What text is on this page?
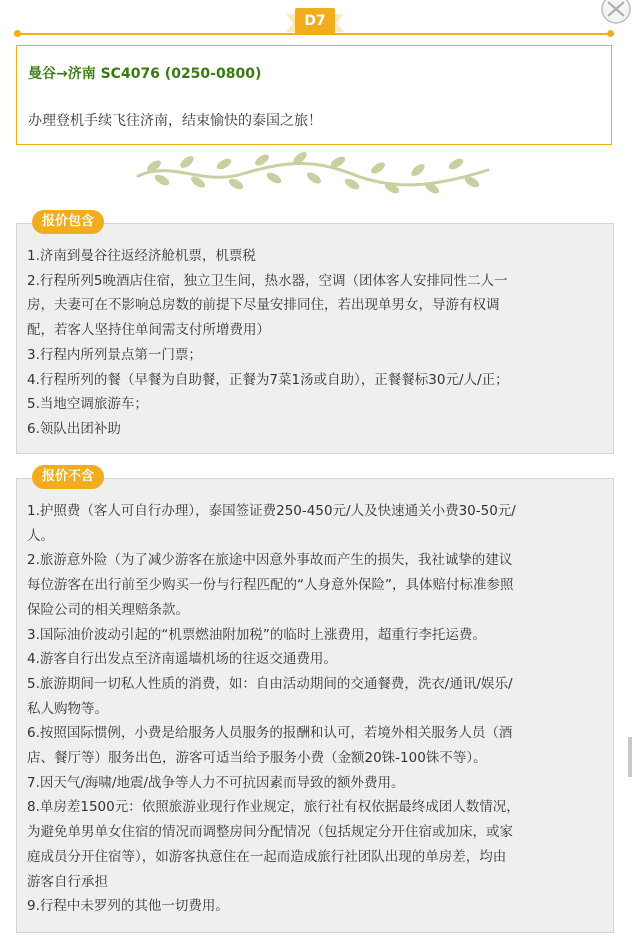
D7
曼谷→济南 SC4076 (0250-0800)
办理登机手续飞往济南，结束愉快的泰国之旅！
报价包含
1.济南到曼谷往返经济舱机票，机票税
2.行程所列5晚酒店住宿，独立卫生间，热水器，空调（团体客人安排同性二人一
房，夫妻可在不影响总房数的前提下尽量安排同住，若出现单男女，导游有权调
配，若客人坚持住单间需支付所增费用）
3.行程内所列景点第一门票；
4.行程所列的餐（早餐为自助餐，正餐为7菜1汤或自助），正餐餐标30元/人/正；
5.当地空调旅游车；
6.领队出团补助
报价不含
1.护照费（客人可自行办理），泰国签证费250-450元/人及快速通关小费30-50元/
人。
2.旅游意外险（为了减少游客在旅途中因意外事故而产生的损失，我社诚挚的建议
每位游客在出行前至少购买一份与行程匹配的“人身意外保险”，具体赔付标准参照
保险公司的相关理赔条款。
3.国际油价波动引起的“机票燃油附加税”的临时上涨费用，超重行李托运费。
4.游客自行出发点至济南遥墙机场的往返交通费用。
5.旅游期间一切私人性质的消费，如：自由活动期间的交通餐费，洗衣/通讯/娱乐/
私人购物等。
6.按照国际惯例，小费是给服务人员服务的报酬和认可，若境外相关服务人员（酒
店、餐厅等）服务出色，游客可适当给予服务小费（金额20铢-100铢不等）。
7.因天气/海啸/地震/战争等人力不可抗因素而导致的额外费用。
8.单房差1500元：依照旅游业现行作业规定，旅行社有权依据最终成团人数情况，
为避免单男单女住宿的情况而调整房间分配情况（包括规定分开住宿或加床，或家
庭成员分开住宿等），如游客执意住在一起而造成旅行社团队出现的单房差，均由
游客自行承担
9.行程中未罗列的其他一切费用。
